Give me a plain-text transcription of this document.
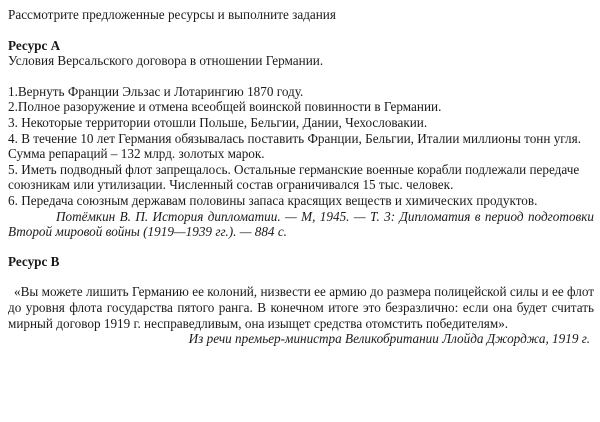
Рассмотрите предложенные ресурсы и выполните задания

Ресурс А

Условия Версальского договора в отношении Германии.

1.Вернуть Франции Эльзас и Лотарингию 1870 году.
2.Полное разоружение и отмена всеобщей воинской повинности в Германии.
3. Некоторые территории отошли Польше, Бельгии, Дании, Чехословакии.
4. В течение 10 лет Германия обязывалась поставить Франции, Бельгии, Италии миллионы тонн угля. Сумма репараций – 132 млрд. золотых марок.
5. Иметь подводный флот запрещалось. Остальные германские военные корабли подлежали передаче союзникам или утилизации. Численный состав ограничивался 15 тыс. человек.
6. Передача союзным державам половины запаса красящих веществ и химических продуктов.

Потёмкин В. П. История дипломатии. — М, 1945. — Т. 3: Дипломатия в период подготовки Второй мировой войны (1919—1939 гг.). — 884 с.

Ресурс В

«Вы можете лишить Германию ее колоний, низвести ее армию до размера полицейской силы и ее флот до уровня флота государства пятого ранга. В конечном итоге это безразлично: если она будет считать мирный договор 1919 г. несправедливым, она изыщет средства отомстить победителям».

Из речи премьер-министра Великобритании Ллойда Джорджа, 1919 г.
